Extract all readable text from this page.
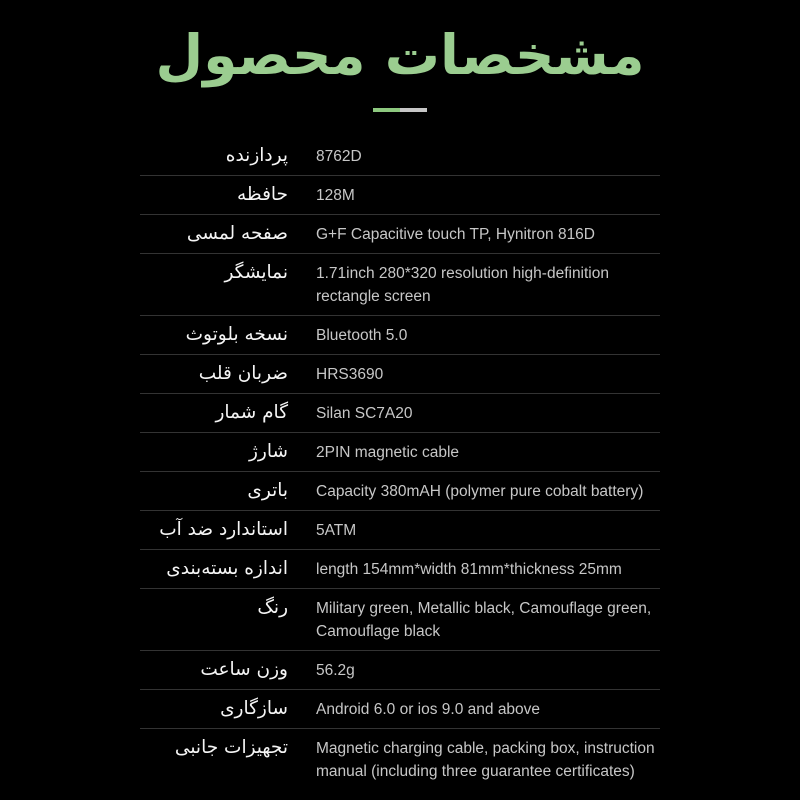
مشخصات محصول
پردازنده 8762D
حافظه 128M
صفحه لمسی G+F Capacitive touch TP, Hynitron 816D
نمایشگر 1.71inch 280*320 resolution high-definition rectangle screen
نسخه بلوتوث Bluetooth 5.0
ضربان قلب HRS3690
گام شمار Silan SC7A20
شارژ 2PIN magnetic cable
باتری Capacity 380mAH (polymer pure cobalt battery)
استاندارد ضد آب 5ATM
اندازه بسته‌بندی length 154mm*width 81mm*thickness 25mm
رنگ Military green, Metallic black, Camouflage green, Camouflage black
وزن ساعت 56.2g
سازگاری Android 6.0 or ios 9.0 and above
تجهیزات جانبی Magnetic charging cable, packing box, instruction manual (including three guarantee certificates)
